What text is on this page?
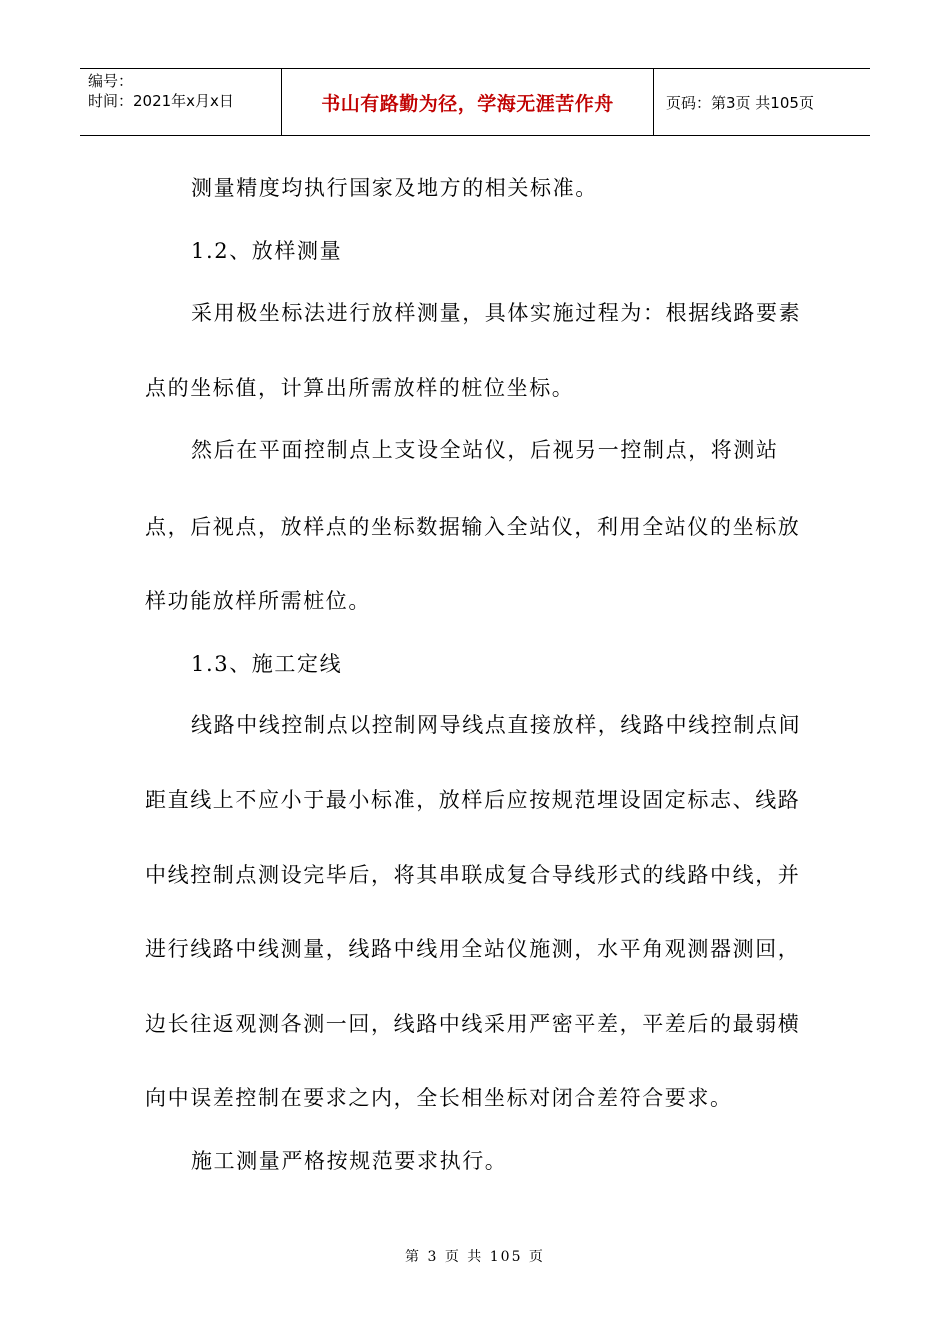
编号：
时间：2021年x月x日	书山有路勤为径，学海无涯苦作舟	页码：第3页 共105页
测量精度均执行国家及地方的相关标准。
1.2、放样测量
采用极坐标法进行放样测量，具体实施过程为：根据线路要素
点的坐标值，计算出所需放样的桩位坐标。
然后在平面控制点上支设全站仪，后视另一控制点，将测站
点，后视点，放样点的坐标数据输入全站仪，利用全站仪的坐标放
样功能放样所需桩位。
1.3、施工定线
线路中线控制点以控制网导线点直接放样，线路中线控制点间
距直线上不应小于最小标准，放样后应按规范埋设固定标志、线路
中线控制点测设完毕后，将其串联成复合导线形式的线路中线，并
进行线路中线测量，线路中线用全站仪施测，水平角观测器测回，
边长往返观测各测一回，线路中线采用严密平差，平差后的最弱横
向中误差控制在要求之内，全长相坐标对闭合差符合要求。
施工测量严格按规范要求执行。
第 3 页 共 105 页
